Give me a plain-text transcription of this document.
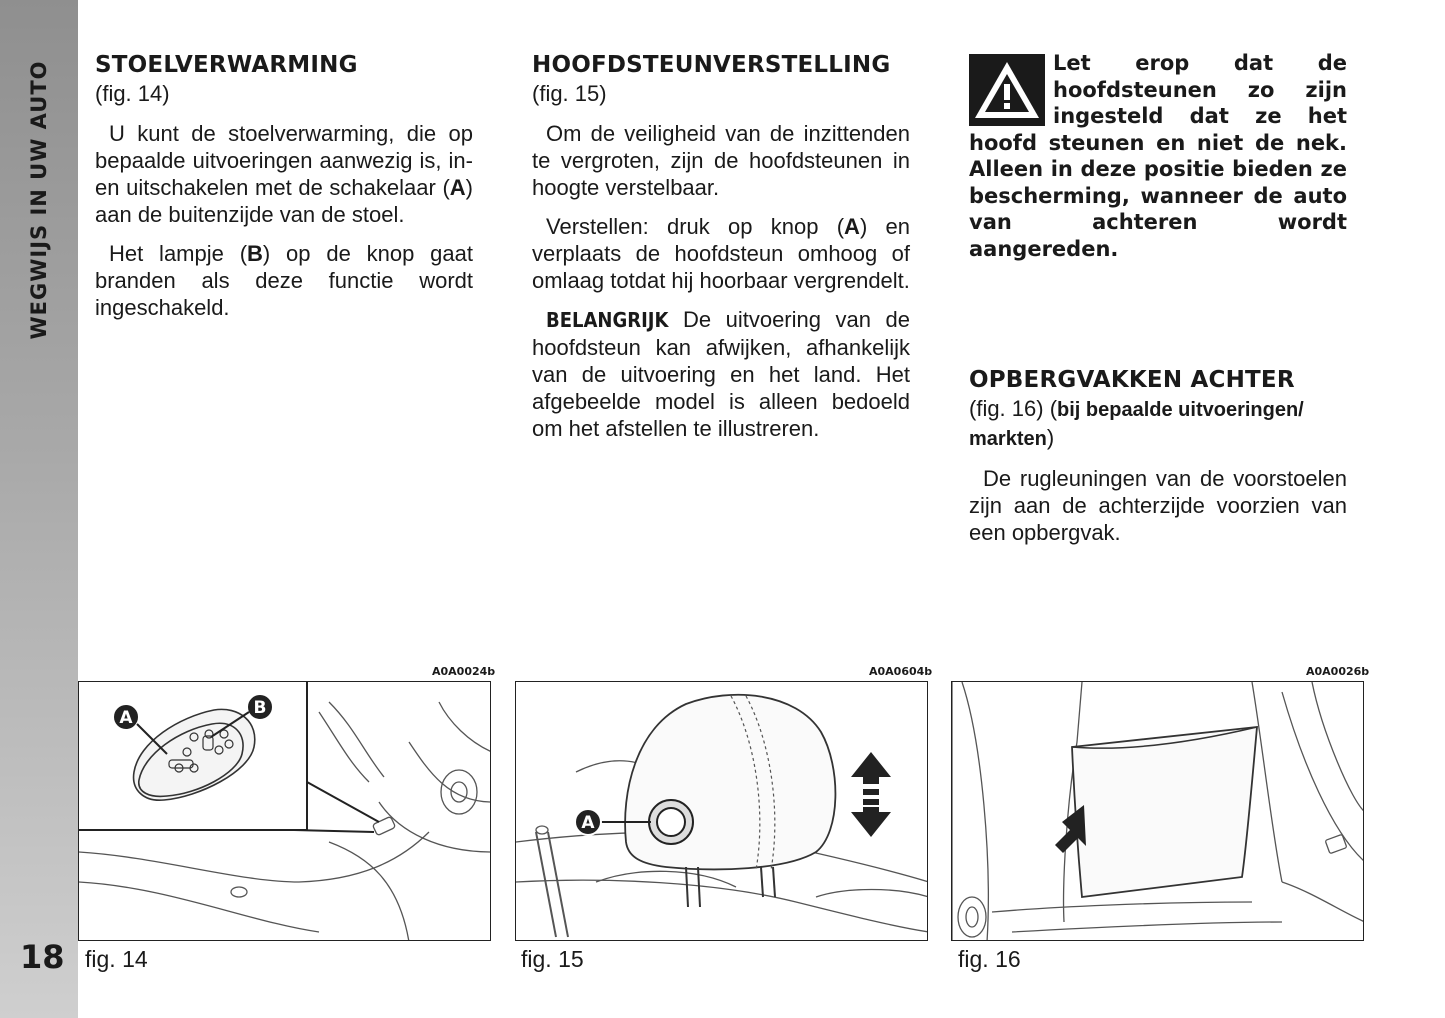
WEGWIJS IN UW AUTO
18
STOELVERWARMING
(fig. 14)

U kunt de stoelverwarming, die op bepaalde uitvoeringen aanwezig is, in- en uitschakelen met de schakelaar (A) aan de buitenzijde van de stoel.

Het lampje (B) op de knop gaat branden als deze functie wordt ingeschakeld.

HOOFDSTEUNVERSTELLING
(fig. 15)

Om de veiligheid van de inzittenden te vergroten, zijn de hoofdsteunen in hoogte verstelbaar.

Verstellen: druk op knop (A) en verplaats de hoofdsteun omhoog of omlaag totdat hij hoorbaar vergrendelt.

BELANGRIJK De uitvoering van de hoofdsteun kan afwijken, afhankelijk van de uitvoering en het land. Het afgebeelde model is alleen bedoeld om het afstellen te illustreren.

Let erop dat de hoofdsteunen zo zijn ingesteld dat ze het hoofd steunen en niet de nek. Alleen in deze positie bieden ze bescherming, wanneer de auto van achteren wordt aangereden.
OPBERGVAKKEN ACHTER
(fig. 16) (bij bepaalde uitvoeringen/ markten)

De rugleuningen van de voorstoelen zijn aan de achterzijde voorzien van een opbergvak.

A0A0024b	A0A0604b	A0A0026b
A	B
A
fig. 14	fig. 15	fig. 16
